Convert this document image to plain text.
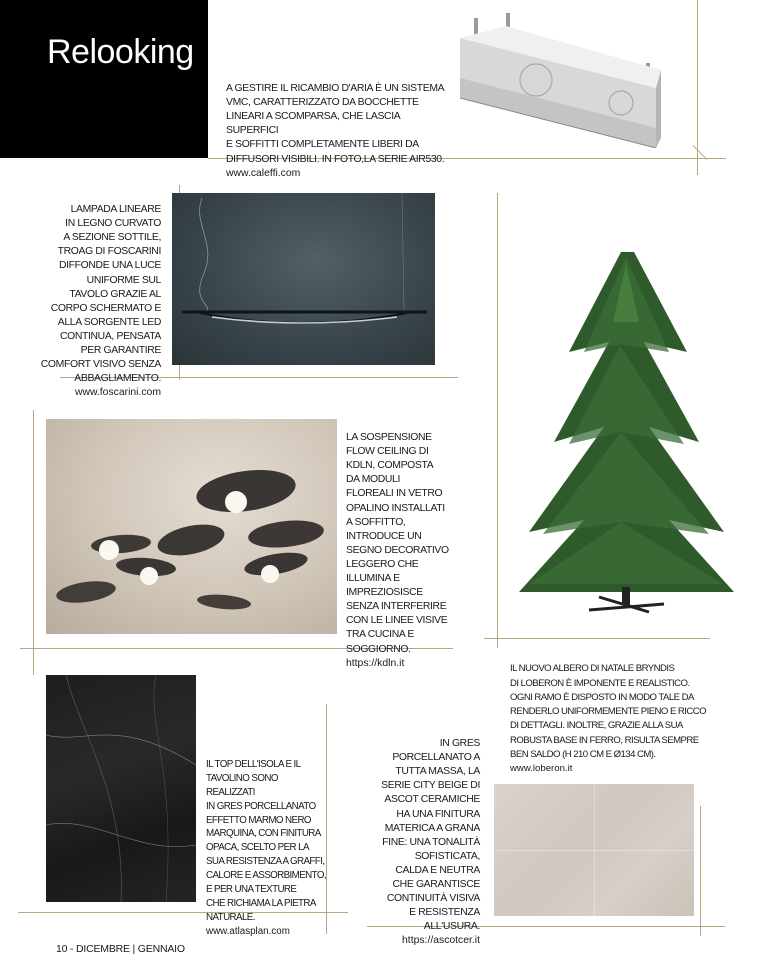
Relooking

A GESTIRE IL RICAMBIO D'ARIA È UN SISTEMA
VMC, CARATTERIZZATO DA BOCCHETTE
LINEARI A SCOMPARSA, CHE LASCIA SUPERFICI
E SOFFITTI COMPLETAMENTE LIBERI DA
DIFFUSORI VISIBILI. IN FOTO,LA SERIE AIR530.

www.caleffi.com

LAMPADA LINEARE
IN LEGNO CURVATO
A SEZIONE SOTTILE,
TROAG DI FOSCARINI
DIFFONDE UNA LUCE
UNIFORME SUL
TAVOLO GRAZIE AL
CORPO SCHERMATO E
ALLA SORGENTE LED
CONTINUA, PENSATA
PER GARANTIRE
COMFORT VISIVO SENZA
ABBAGLIAMENTO.

www.foscarini.com

LA SOSPENSIONE
FLOW CEILING DI
KDLN, COMPOSTA
DA MODULI
FLOREALI IN VETRO
OPALINO INSTALLATI
A SOFFITTO,
INTRODUCE UN
SEGNO DECORATIVO
LEGGERO CHE
ILLUMINA E
IMPREZIOSISCE
SENZA INTERFERIRE
CON LE LINEE VISIVE
TRA CUCINA E
SOGGIORNO.

https://kdln.it

IL NUOVO ALBERO DI NATALE BRYNDIS
DI LOBERON È IMPONENTE E REALISTICO.
OGNI RAMO È DISPOSTO IN MODO TALE DA
RENDERLO UNIFORMEMENTE PIENO E RICCO
DI DETTAGLI. INOLTRE, GRAZIE ALLA SUA
ROBUSTA BASE IN FERRO, RISULTA SEMPRE
BEN SALDO (H 210 CM E Ø134 CM).

www.loberon.it

IL TOP DELL'ISOLA E IL
TAVOLINO SONO REALIZZATI
IN GRES PORCELLANATO
EFFETTO MARMO NERO
MARQUINA, CON FINITURA
OPACA, SCELTO PER LA
SUA RESISTENZA A GRAFFI,
CALORE E ASSORBIMENTO,
E PER UNA TEXTURE
CHE RICHIAMA LA PIETRA
NATURALE.

www.atlasplan.com

IN GRES
PORCELLANATO A
TUTTA MASSA, LA
SERIE CITY BEIGE DI
ASCOT CERAMICHE
HA UNA FINITURA
MATERICA A GRANA
FINE: UNA TONALITÀ
SOFISTICATA,
CALDA E NEUTRA
CHE GARANTISCE
CONTINUITÀ VISIVA
E RESISTENZA
ALL'USURA.

https://ascotcer.it

10 - DICEMBRE | GENNAIO
